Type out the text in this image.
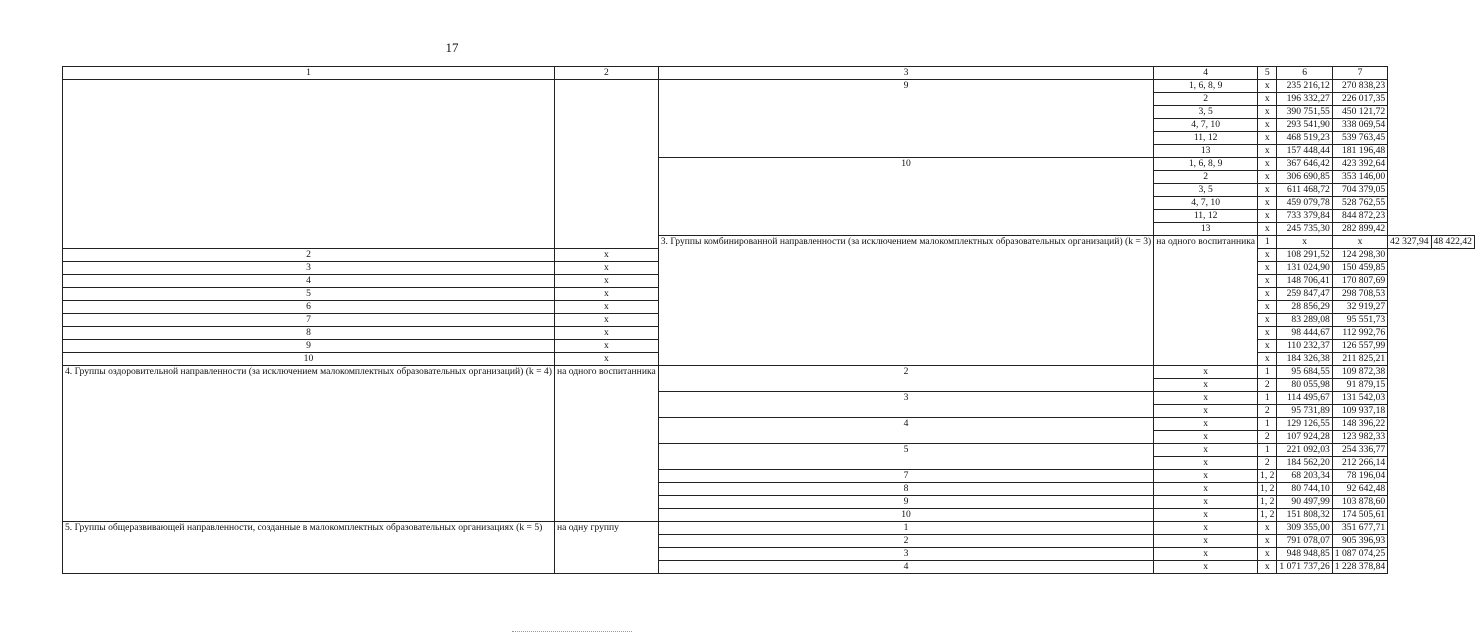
17
1	2	3	4	5	6	7		
		9	1, 6, 8, 9	x	235 216,12	270 838,23		
			2	x	196 332,27	226 017,35		
			3, 5	x	390 751,55	450 121,72		
			4, 7, 10	x	293 541,90	338 069,54		
			11, 12	x	468 519,23	539 763,45		
			13	x	157 448,44	181 196,48		
		10	1, 6, 8, 9	x	367 646,42	423 392,64		
			2	x	306 690,85	353 146,00		
			3, 5	x	611 468,72	704 379,05		
			4, 7, 10	x	459 079,78	528 762,55		
			11, 12	x	733 379,84	844 872,23		
			13	x	245 735,30	282 899,42		
		3. Группы комбинированной направленности (за исключением малокомплектных образовательных организаций) (k = 3)	на одного воспитанника	1	x	x	42 327,94	48 422,42
2	x			x	108 291,52	124 298,30		
3	x			x	131 024,90	150 459,85		
4	x			x	148 706,41	170 807,69		
5	x			x	259 847,47	298 708,53		
6	x			x	28 856,29	32 919,27		
7	x			x	83 289,08	95 551,73		
8	x			x	98 444,67	112 992,76		
9	x			x	110 232,37	126 557,99		
10	x			x	184 326,38	211 825,21		
4. Группы оздоровительной направленности (за исключением малокомплектных образовательных организаций) (k = 4)	на одного воспитанника	2	x	1	95 684,55	109 872,38		
			x	2	80 055,98	91 879,15		
		3	x	1	114 495,67	131 542,03		
			x	2	95 731,89	109 937,18		
		4	x	1	129 126,55	148 396,22		
			x	2	107 924,28	123 982,33		
		5	x	1	221 092,03	254 336,77		
			x	2	184 562,20	212 266,14		
		7	x	1, 2	68 203,34	78 196,04		
		8	x	1, 2	80 744,10	92 642,48		
		9	x	1, 2	90 497,99	103 878,60		
		10	x	1, 2	151 808,32	174 505,61		
5. Группы общеразвивающей направленности, созданные в малокомплектных образовательных организациях (k = 5)	на одну группу	1	x	x	309 355,00	351 677,71		
		2	x	x	791 078,07	905 396,93		
		3	x	x	948 948,85	1 087 074,25		
		4	x	x	1 071 737,26	1 228 378,84		
